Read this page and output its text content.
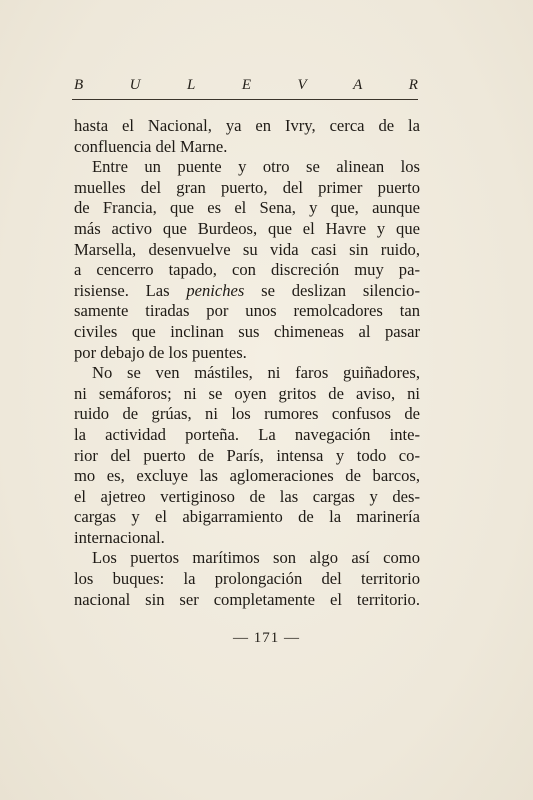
B	U	L	E	V	A	R
hasta el Nacional, ya en Ivry, cerca de la
confluencia del Marne.
Entre un puente y otro se alinean los
muelles del gran puerto, del primer puerto
de Francia, que es el Sena, y que, aunque
más activo que Burdeos, que el Havre y que
Marsella, desenvuelve su vida casi sin ruido,
a cencerro tapado, con discreción muy pa-
risiense. Las peniches se deslizan silencio-
samente tiradas por unos remolcadores tan
civiles que inclinan sus chimeneas al pasar
por debajo de los puentes.
No se ven mástiles, ni faros guiñadores,
ni semáforos; ni se oyen gritos de aviso, ni
ruido de grúas, ni los rumores confusos de
la actividad porteña. La navegación inte-
rior del puerto de París, intensa y todo co-
mo es, excluye las aglomeraciones de barcos,
el ajetreo vertiginoso de las cargas y des-
cargas y el abigarramiento de la marinería
internacional.
Los puertos marítimos son algo así como
los buques: la prolongación del territorio
nacional sin ser completamente el territorio.
— 171 —
